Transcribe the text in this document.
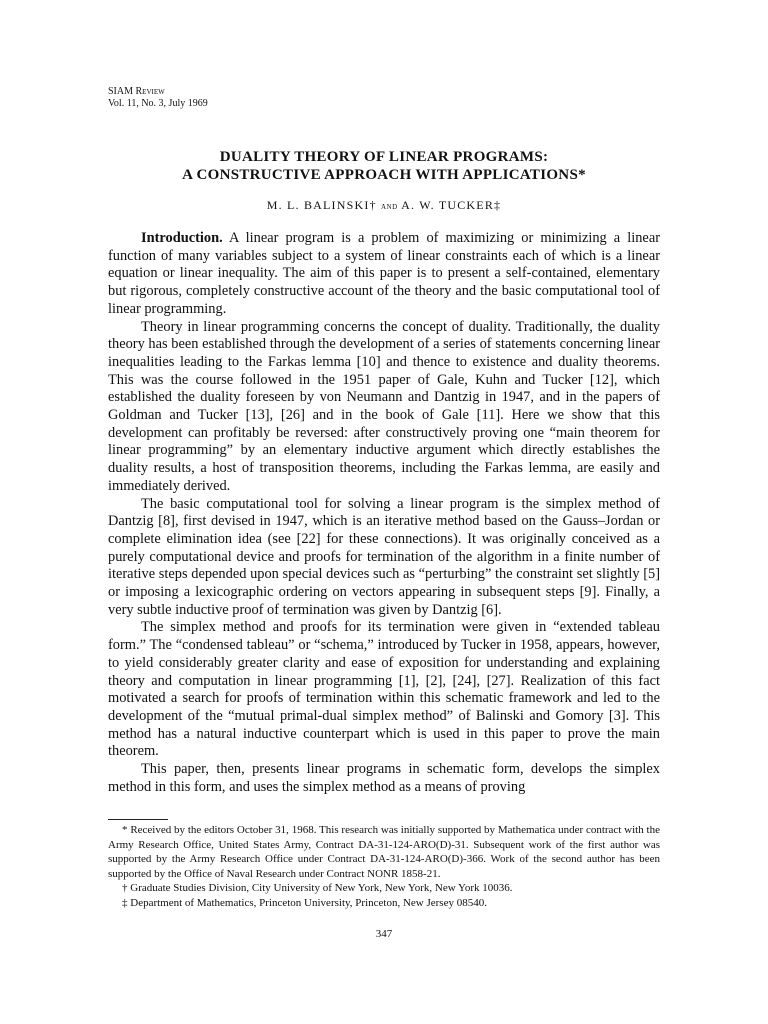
SIAM Review
Vol. 11, No. 3, July 1969
DUALITY THEORY OF LINEAR PROGRAMS:
A CONSTRUCTIVE APPROACH WITH APPLICATIONS*
M. L. BALINSKI† and A. W. TUCKER‡

Introduction. A linear program is a problem of maximizing or minimizing a linear function of many variables subject to a system of linear constraints each of which is a linear equation or linear inequality. The aim of this paper is to present a self-contained, elementary but rigorous, completely constructive account of the theory and the basic computational tool of linear programming.

Theory in linear programming concerns the concept of duality. Traditionally, the duality theory has been established through the development of a series of statements concerning linear inequalities leading to the Farkas lemma [10] and thence to existence and duality theorems. This was the course followed in the 1951 paper of Gale, Kuhn and Tucker [12], which established the duality foreseen by von Neumann and Dantzig in 1947, and in the papers of Goldman and Tucker [13], [26] and in the book of Gale [11]. Here we show that this development can profitably be reversed: after constructively proving one “main theorem for linear programming” by an elementary inductive argument which directly establishes the duality results, a host of transposition theorems, including the Farkas lemma, are easily and immediately derived.

The basic computational tool for solving a linear program is the simplex method of Dantzig [8], first devised in 1947, which is an iterative method based on the Gauss–Jordan or complete elimination idea (see [22] for these connections). It was originally conceived as a purely computational device and proofs for termination of the algorithm in a finite number of iterative steps depended upon special devices such as “perturbing” the constraint set slightly [5] or imposing a lexicographic ordering on vectors appearing in subsequent steps [9]. Finally, a very subtle inductive proof of termination was given by Dantzig [6].

The simplex method and proofs for its termination were given in “extended tableau form.” The “condensed tableau” or “schema,” introduced by Tucker in 1958, appears, however, to yield considerably greater clarity and ease of exposition for understanding and explaining theory and computation in linear programming [1], [2], [24], [27]. Realization of this fact motivated a search for proofs of termination within this schematic framework and led to the development of the “mutual primal-dual simplex method” of Balinski and Gomory [3]. This method has a natural inductive counterpart which is used in this paper to prove the main theorem.

This paper, then, presents linear programs in schematic form, develops the simplex method in this form, and uses the simplex method as a means of proving

* Received by the editors October 31, 1968. This research was initially supported by Mathematica under contract with the Army Research Office, United States Army, Contract DA-31-124-ARO(D)-31. Subsequent work of the first author was supported by the Army Research Office under Contract DA-31-124-ARO(D)-366. Work of the second author has been supported by the Office of Naval Research under Contract NONR 1858-21.

† Graduate Studies Division, City University of New York, New York, New York 10036.

‡ Department of Mathematics, Princeton University, Princeton, New Jersey 08540.

347
